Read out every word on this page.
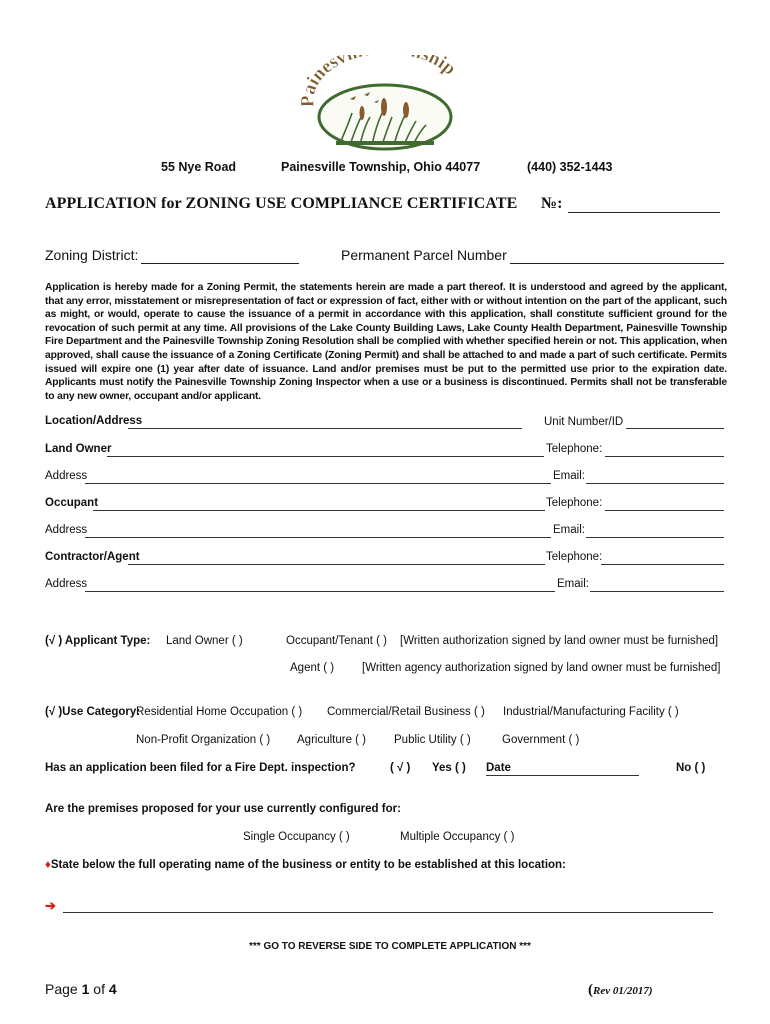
ainesv hip
55 Nye Road	Painesville Township, Ohio 44077	(440) 352-1443
APPLICATION for ZONING USE COMPLIANCE CERTIFICATE №:
Zoning District:	Permanent Parcel Number
Application is hereby made for a Zoning Permit, the statements herein are made a part thereof. It is understood and agreed by the applicant, that any error, misstatement or misrepresentation of fact or expression of fact, either with or without intention on the part of the applicant, such as might, or would, operate to cause the issuance of a permit in accordance with this application, shall constitute sufficient ground for the revocation of such permit at any time. All provisions of the Lake County Building Laws, Lake County Health Department, Painesville Township Fire Department and the Painesville Township Zoning Resolution shall be complied with whether specified herein or not. This application, when approved, shall cause the issuance of a Zoning Certificate (Zoning Permit) and shall be attached to and made a part of such certificate. Permits issued will expire one (1) year after date of issuance. Land and/or premises must be put to the permitted use prior to the expiration date. Applicants must notify the Painesville Township Zoning Inspector when a use or a business is discontinued. Permits shall not be transferable to any new owner, occupant and/or applicant.
Location/Address	Unit Number/ID
Land Owner	Telephone:
Address	Email:
Occupant	Telephone:
Address	Email:
Contractor/Agent	Telephone:
Address	Email:
(√ ) Applicant Type: Land Owner ( )	Occupant/Tenant ( ) [Written authorization signed by land owner must be furnished]
Agent ( ) [Written agency authorization signed by land owner must be furnished]
(√ )Use Category:
Residential Home Occupation ( ) Commercial/Retail Business ( ) Industrial/Manufacturing Facility ( )
Non-Profit Organization ( ) Agriculture ( ) Public Utility ( )	Government ( )
Has an application been filed for a Fire Dept. inspection?	( √ ) Yes ( ) Date	No ( )
Are the premises proposed for your use currently configured for:
Single Occupancy ( )	Multiple Occupancy ( )
♦State below the full operating name of the business or entity to be established at this location:
➔
*** GO TO REVERSE SIDE TO COMPLETE APPLICATION ***
Page 1 of 4	(Rev 01/2017)
